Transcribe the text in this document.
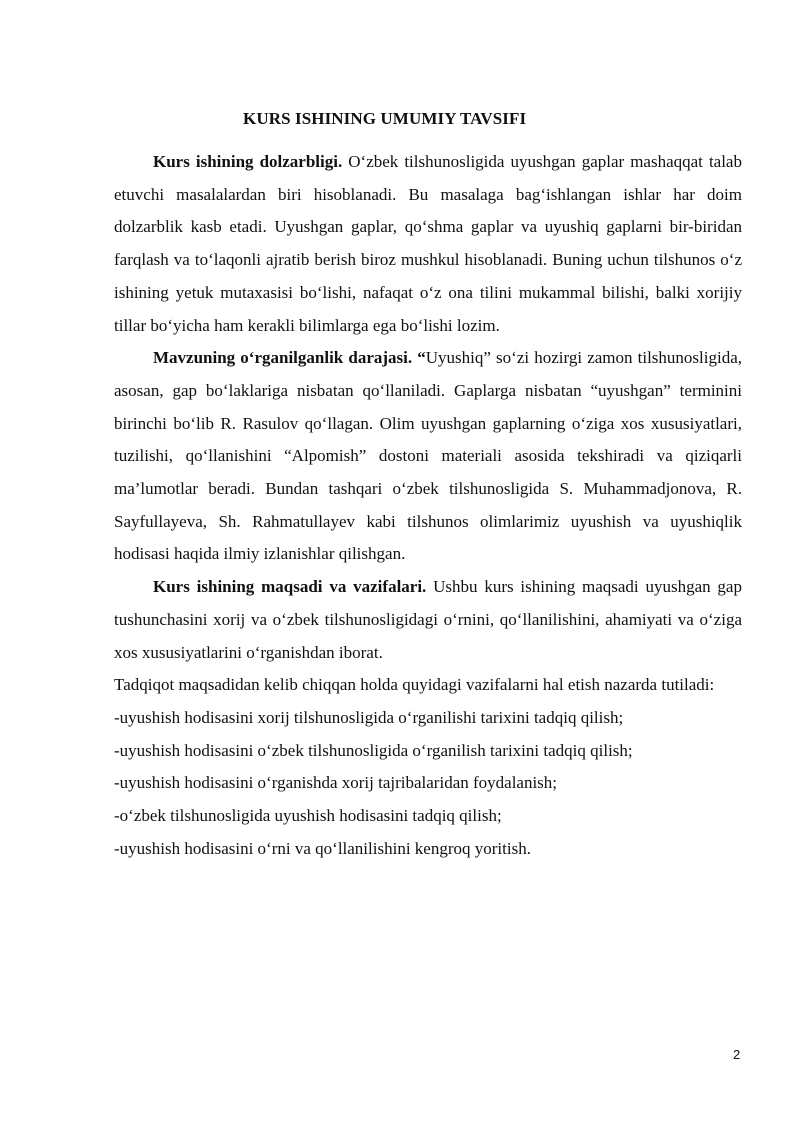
KURS ISHINING UMUMIY TAVSIFI

Kurs ishining dolzarbligi. O‘zbek tilshunosligida uyushgan gaplar mashaqqat talab etuvchi masalalardan biri hisoblanadi. Bu masalaga bag‘ishlangan ishlar har doim dolzarblik kasb etadi. Uyushgan gaplar, qo‘shma gaplar va uyushiq gaplarni bir-biridan farqlash va to‘laqonli ajratib berish biroz mushkul hisoblanadi. Buning uchun tilshunos o‘z ishining yetuk mutaxasisi bo‘lishi, nafaqat o‘z ona tilini mukammal bilishi, balki xorijiy tillar bo‘yicha ham kerakli bilimlarga ega bo‘lishi lozim.

Mavzuning o‘rganilganlik darajasi. “Uyushiq” so‘zi hozirgi zamon tilshunosligida, asosan, gap bo‘laklariga nisbatan qo‘llaniladi. Gaplarga nisbatan “uyushgan” terminini birinchi bo‘lib R. Rasulov qo‘llagan. Olim uyushgan gaplarning o‘ziga xos xususiyatlari, tuzilishi, qo‘llanishini “Alpomish” dostoni materiali asosida tekshiradi va qiziqarli ma’lumotlar beradi. Bundan tashqari o‘zbek tilshunosligida S. Muhammadjonova, R. Sayfullayeva, Sh. Rahmatullayev kabi tilshunos olimlarimiz uyushish va uyushiqlik hodisasi haqida ilmiy izlanishlar qilishgan.

Kurs ishining maqsadi va vazifalari. Ushbu kurs ishining maqsadi uyushgan gap tushunchasini xorij va o‘zbek tilshunosligidagi o‘rnini, qo‘llanilishini, ahamiyati va o‘ziga xos xususiyatlarini o‘rganishdan iborat.

Tadqiqot maqsadidan kelib chiqqan holda quyidagi vazifalarni hal etish nazarda tutiladi:

-uyushish hodisasini xorij tilshunosligida o‘rganilishi tarixini tadqiq qilish;

-uyushish hodisasini o‘zbek tilshunosligida o‘rganilish tarixini tadqiq qilish;

-uyushish hodisasini o‘rganishda xorij tajribalaridan foydalanish;

-o‘zbek tilshunosligida uyushish hodisasini tadqiq qilish;

-uyushish hodisasini o‘rni va qo‘llanilishini kengroq yoritish.

2
